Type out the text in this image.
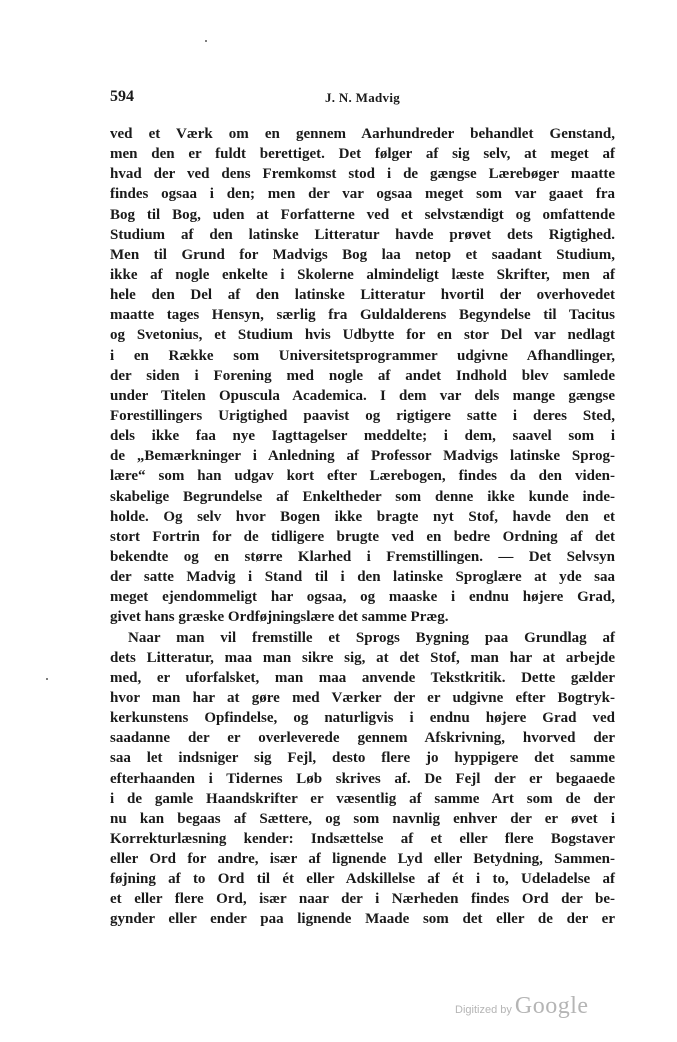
594	J. N. Madvig
ved et Værk om en gennem Aarhundreder behandlet Genstand,
men den er fuldt berettiget. Det følger af sig selv, at meget af
hvad der ved dens Fremkomst stod i de gængse Lærebøger maatte
findes ogsaa i den; men der var ogsaa meget som var gaaet fra
Bog til Bog, uden at Forfatterne ved et selvstændigt og omfattende
Studium af den latinske Litteratur havde prøvet dets Rigtighed.
Men til Grund for Madvigs Bog laa netop et saadant Studium,
ikke af nogle enkelte i Skolerne almindeligt læste Skrifter, men af
hele den Del af den latinske Litteratur hvortil der overhovedet
maatte tages Hensyn, særlig fra Guldalderens Begyndelse til Tacitus
og Svetonius, et Studium hvis Udbytte for en stor Del var nedlagt
i en Række som Universitetsprogrammer udgivne Afhandlinger,
der siden i Forening med nogle af andet Indhold blev samlede
under Titelen Opuscula Academica. I dem var dels mange gængse
Forestillingers Urigtighed paavist og rigtigere satte i deres Sted,
dels ikke faa nye Iagttagelser meddelte; i dem, saavel som i
de „Bemærkninger i Anledning af Professor Madvigs latinske Sprog-
lære“ som han udgav kort efter Lærebogen, findes da den viden-
skabelige Begrundelse af Enkeltheder som denne ikke kunde inde-
holde. Og selv hvor Bogen ikke bragte nyt Stof, havde den et
stort Fortrin for de tidligere brugte ved en bedre Ordning af det
bekendte og en større Klarhed i Fremstillingen. — Det Selvsyn
der satte Madvig i Stand til i den latinske Sproglære at yde saa
meget ejendommeligt har ogsaa, og maaske i endnu højere Grad,
givet hans græske Ordføjningslære det samme Præg.
Naar man vil fremstille et Sprogs Bygning paa Grundlag af
dets Litteratur, maa man sikre sig, at det Stof, man har at arbejde
med, er uforfalsket, man maa anvende Tekstkritik. Dette gælder
hvor man har at gøre med Værker der er udgivne efter Bogtryk-
kerkunstens Opfindelse, og naturligvis i endnu højere Grad ved
saadanne der er overleverede gennem Afskrivning, hvorved der
saa let indsniger sig Fejl, desto flere jo hyppigere det samme
efterhaanden i Tidernes Løb skrives af. De Fejl der er begaaede
i de gamle Haandskrifter er væsentlig af samme Art som de der
nu kan begaas af Sættere, og som navnlig enhver der er øvet i
Korrekturlæsning kender: Indsættelse af et eller flere Bogstaver
eller Ord for andre, især af lignende Lyd eller Betydning, Sammen-
føjning af to Ord til ét eller Adskillelse af ét i to, Udeladelse af
et eller flere Ord, især naar der i Nærheden findes Ord der be-
gynder eller ender paa lignende Maade som det eller de der er
Digitized by Google
